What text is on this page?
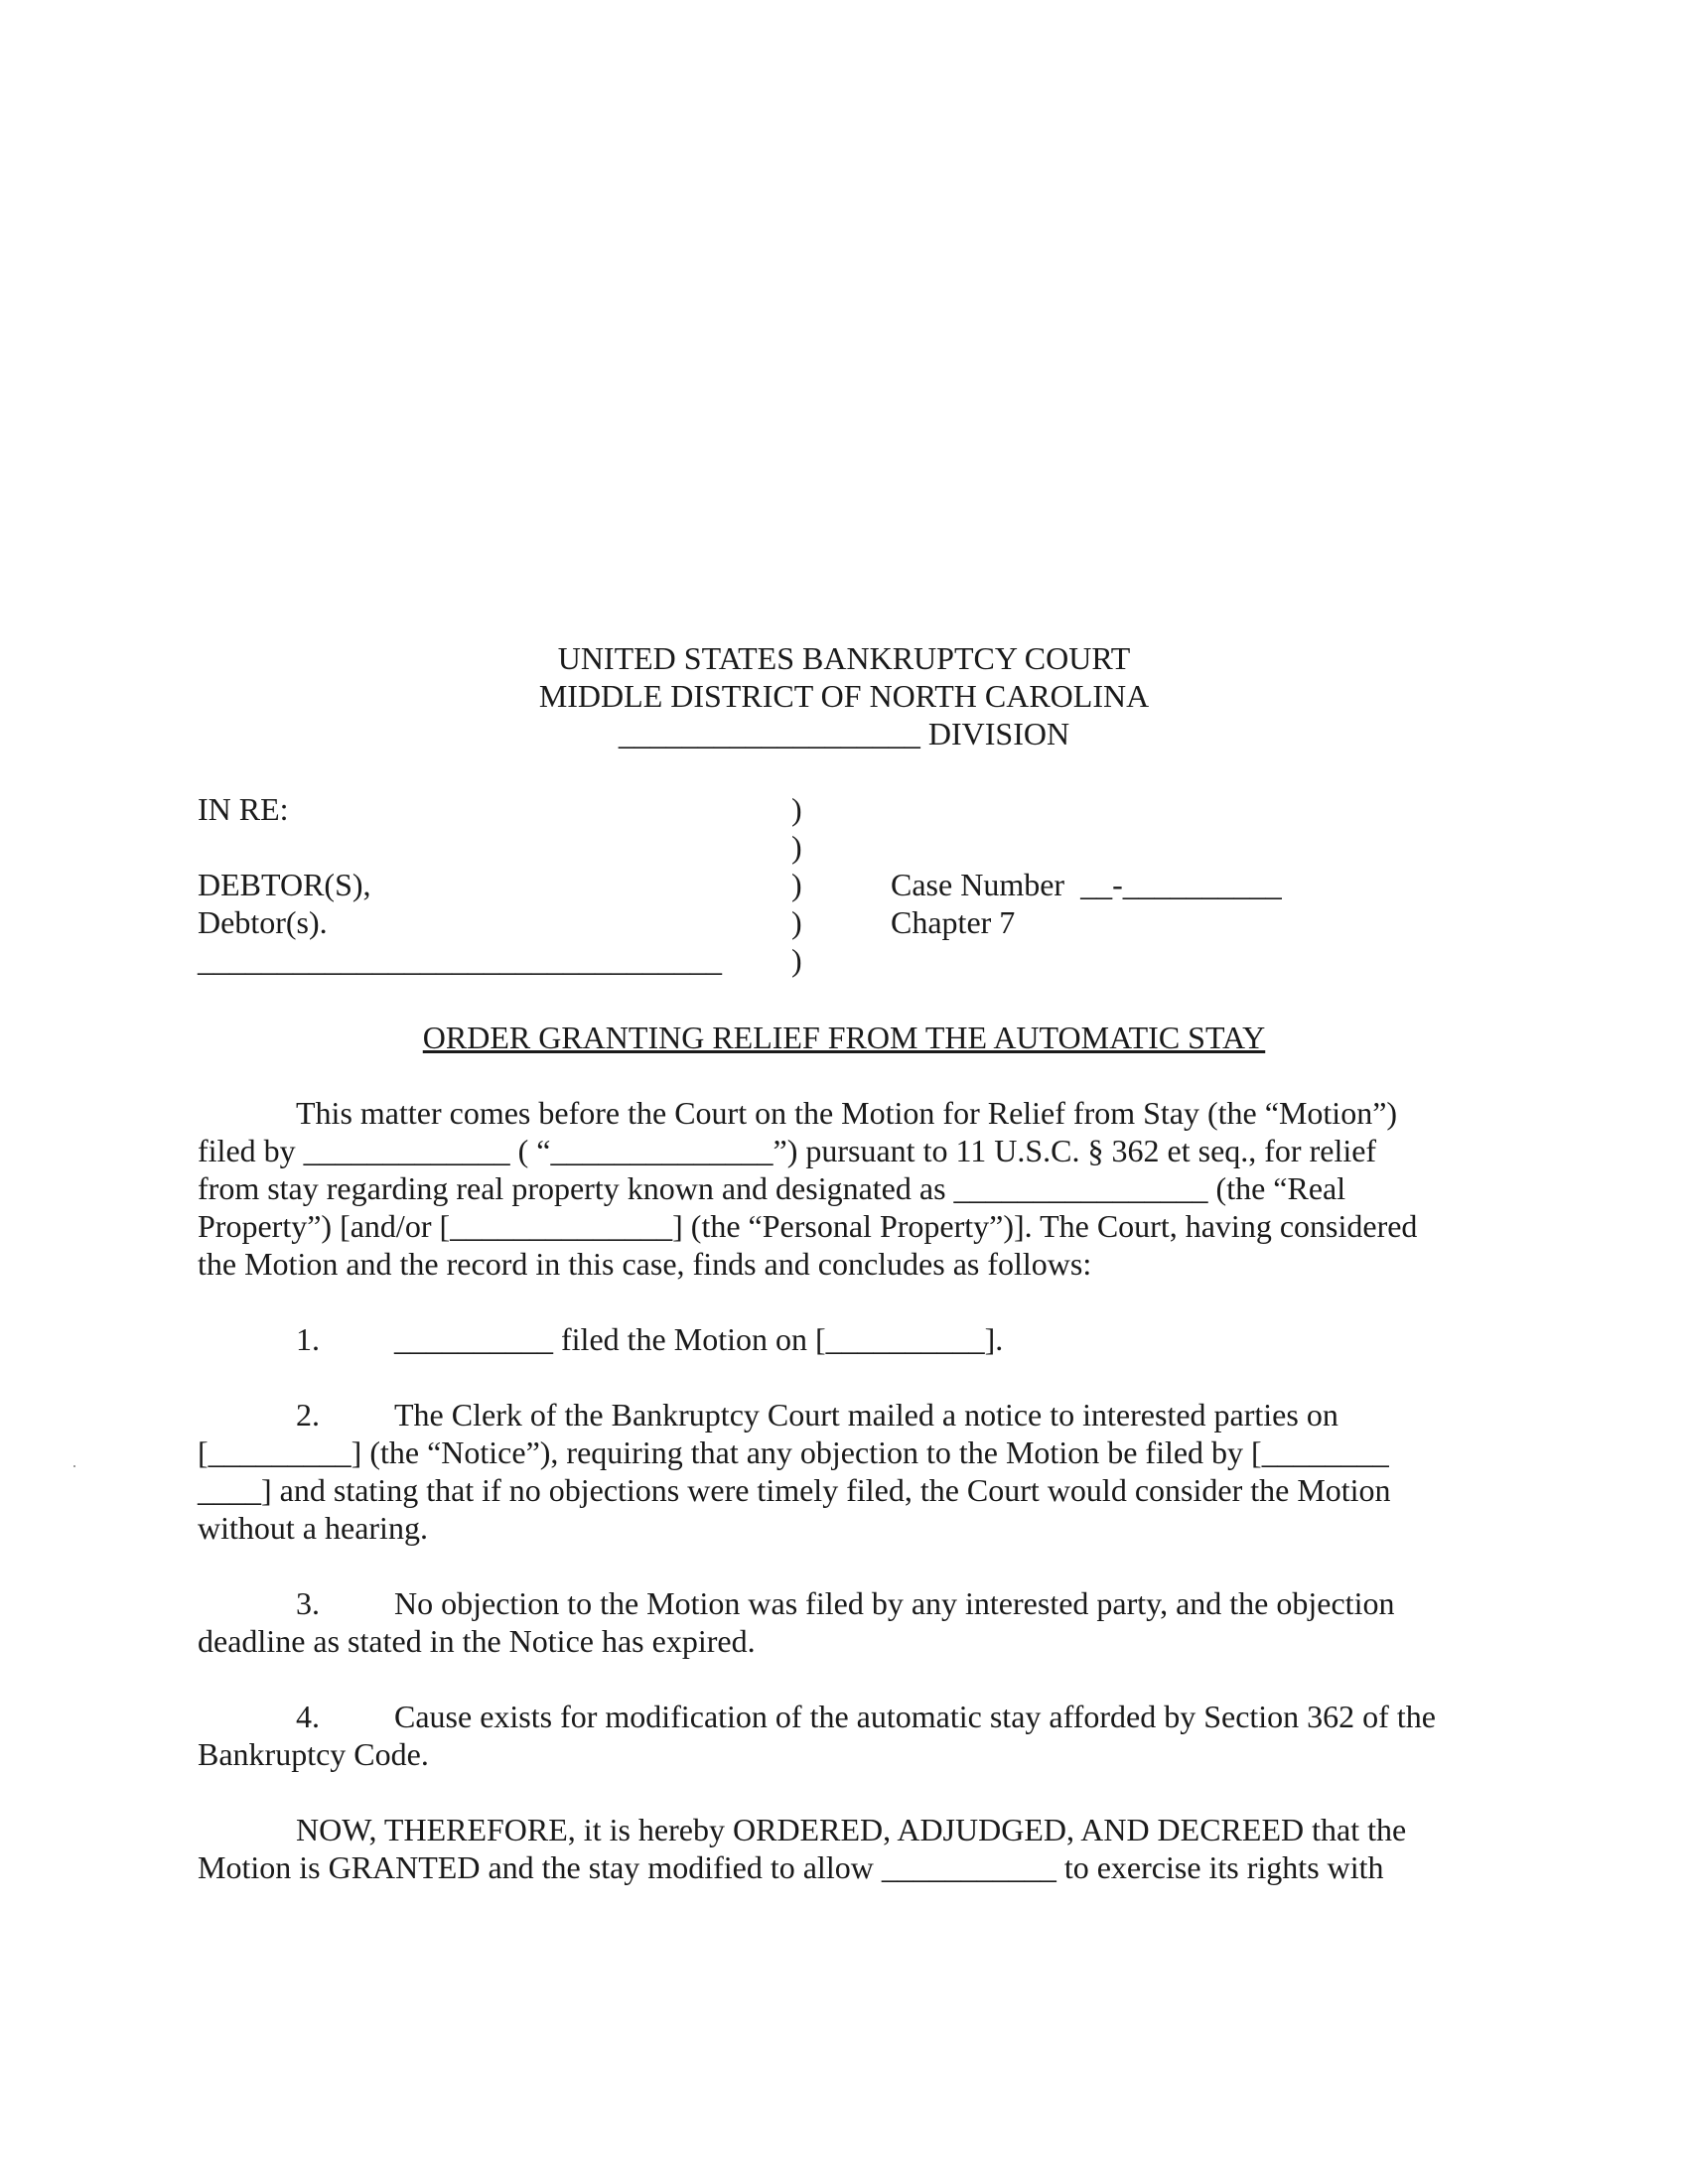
UNITED STATES BANKRUPTCY COURT
MIDDLE DISTRICT OF NORTH CAROLINA
___________________ DIVISION
IN RE:
DEBTOR(S),
Debtor(s).
_________________________________
)
)
)
)
)
Case Number __-__________
Chapter 7
ORDER GRANTING RELIEF FROM THE AUTOMATIC STAY
This matter comes before the Court on the Motion for Relief from Stay (the “Motion”)
filed by _____________ ( “______________”) pursuant to 11 U.S.C. § 362 et seq., for relief
from stay regarding real property known and designated as ________________ (the “Real
Property”) [and/or [______________] (the “Personal Property”)]. The Court, having considered
the Motion and the record in this case, finds and concludes as follows:
1. __________ filed the Motion on [__________].
2. The Clerk of the Bankruptcy Court mailed a notice to interested parties on
[_________] (the “Notice”), requiring that any objection to the Motion be filed by [________
____] and stating that if no objections were timely filed, the Court would consider the Motion
without a hearing.
3. No objection to the Motion was filed by any interested party, and the objection
deadline as stated in the Notice has expired.
4. Cause exists for modification of the automatic stay afforded by Section 362 of the
Bankruptcy Code.
NOW, THEREFORE, it is hereby ORDERED, ADJUDGED, AND DECREED that the
Motion is GRANTED and the stay modified to allow ___________ to exercise its rights with
